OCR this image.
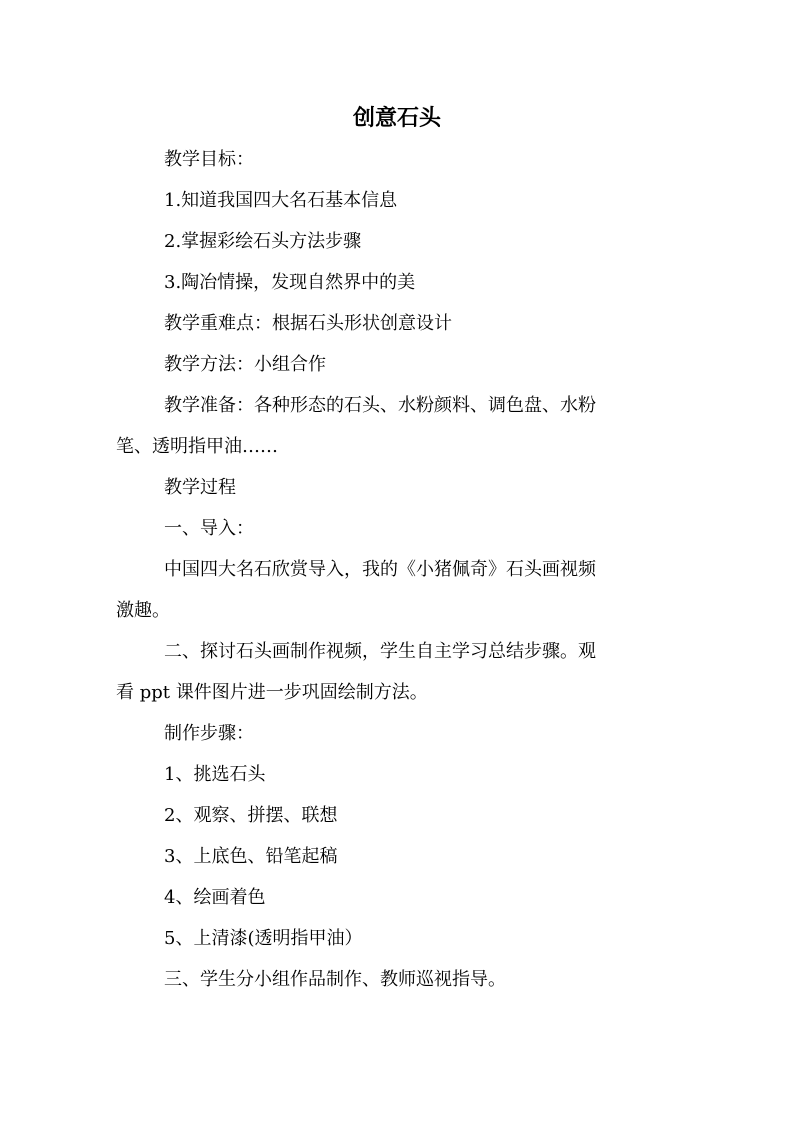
创意石头
教学目标：
1.知道我国四大名石基本信息
2.掌握彩绘石头方法步骤
3.陶冶情操，发现自然界中的美
教学重难点：根据石头形状创意设计
教学方法：小组合作
教学准备：各种形态的石头、水粉颜料、调色盘、水粉
笔、透明指甲油……
教学过程
一、导入：
中国四大名石欣赏导入，我的《小猪佩奇》石头画视频
激趣。
二、探讨石头画制作视频，学生自主学习总结步骤。观
看 ppt 课件图片进一步巩固绘制方法。
制作步骤：
1、挑选石头
2、观察、拼摆、联想
3、上底色、铅笔起稿
4、绘画着色
5、上清漆(透明指甲油）
三、学生分小组作品制作、教师巡视指导。
